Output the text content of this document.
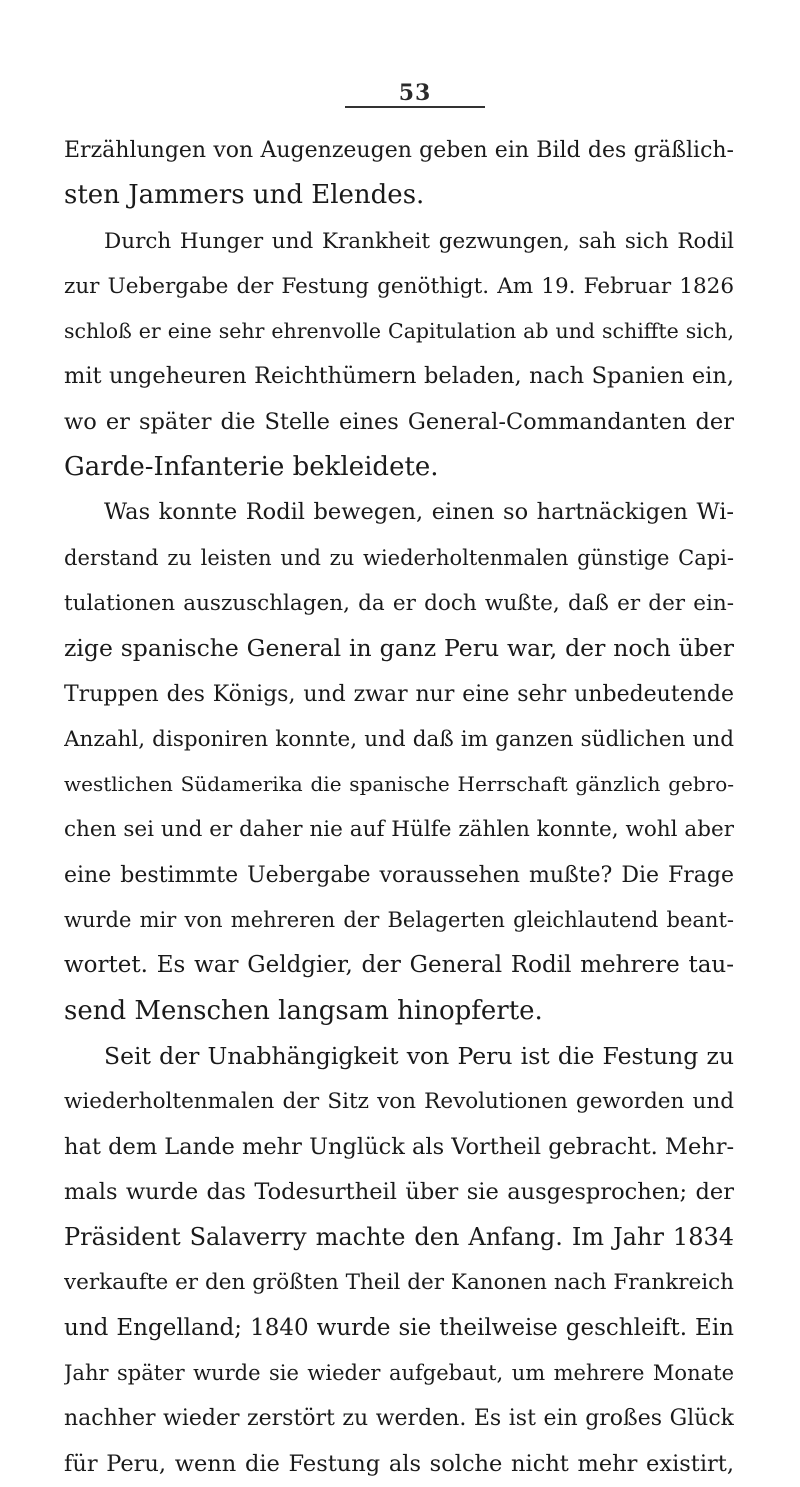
53
Erzählungen von Augenzeugen geben ein Bild des gräßlich-
sten Jammers und Elendes.
Durch Hunger und Krankheit gezwungen, sah sich Rodil
zur Uebergabe der Festung genöthigt. Am 19. Februar 1826
schloß er eine sehr ehrenvolle Capitulation ab und schiffte sich,
mit ungeheuren Reichthümern beladen, nach Spanien ein,
wo er später die Stelle eines General-Commandanten der
Garde-Infanterie bekleidete.
Was konnte Rodil bewegen, einen so hartnäckigen Wi-
derstand zu leisten und zu wiederholtenmalen günstige Capi-
tulationen auszuschlagen, da er doch wußte, daß er der ein-
zige spanische General in ganz Peru war, der noch über
Truppen des Königs, und zwar nur eine sehr unbedeutende
Anzahl, disponiren konnte, und daß im ganzen südlichen und
westlichen Südamerika die spanische Herrschaft gänzlich gebro-
chen sei und er daher nie auf Hülfe zählen konnte, wohl aber
eine bestimmte Uebergabe voraussehen mußte? Die Frage
wurde mir von mehreren der Belagerten gleichlautend beant-
wortet. Es war Geldgier, der General Rodil mehrere tau-
send Menschen langsam hinopferte.
Seit der Unabhängigkeit von Peru ist die Festung zu
wiederholtenmalen der Sitz von Revolutionen geworden und
hat dem Lande mehr Unglück als Vortheil gebracht. Mehr-
mals wurde das Todesurtheil über sie ausgesprochen; der
Präsident Salaverry machte den Anfang. Im Jahr 1834
verkaufte er den größten Theil der Kanonen nach Frankreich
und Engelland; 1840 wurde sie theilweise geschleift. Ein
Jahr später wurde sie wieder aufgebaut, um mehrere Monate
nachher wieder zerstört zu werden. Es ist ein großes Glück
für Peru, wenn die Festung als solche nicht mehr existirt,
